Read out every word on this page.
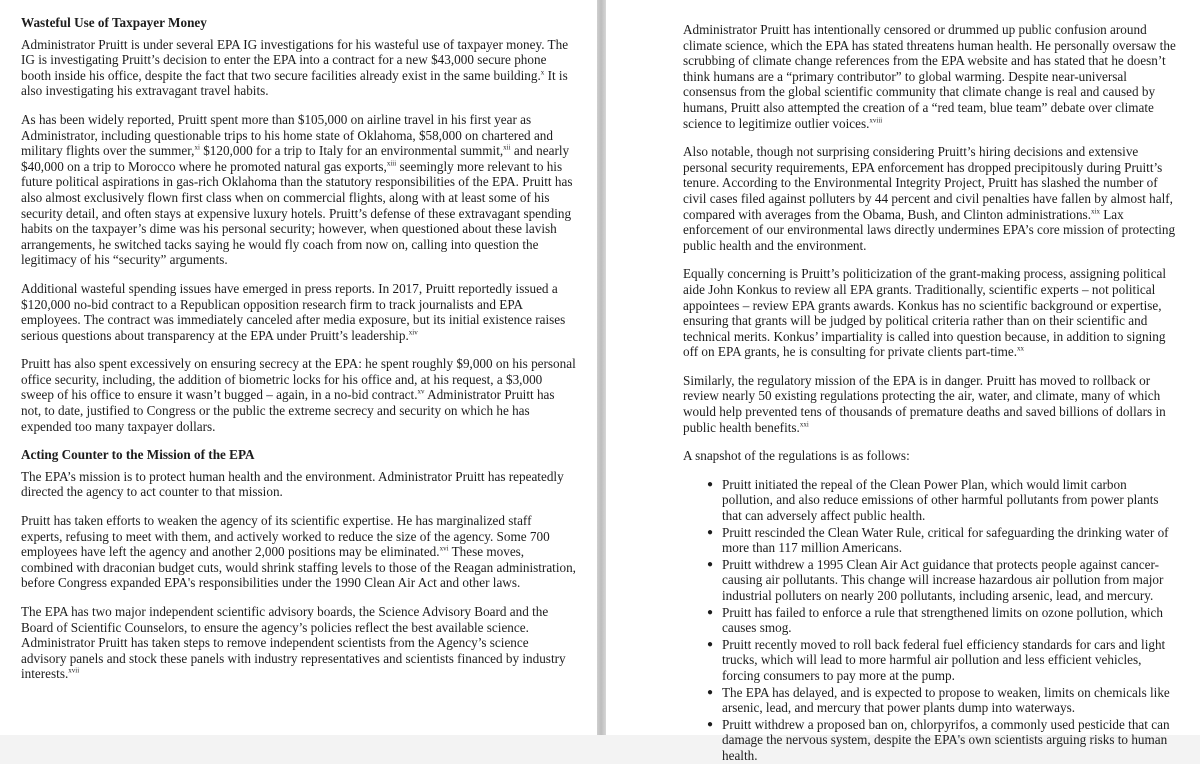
Wasteful Use of Taxpayer Money

Administrator Pruitt is under several EPA IG investigations for his wasteful use of taxpayer money. The IG is investigating Pruitt’s decision to enter the EPA into a contract for a new $43,000 secure phone booth inside his office, despite the fact that two secure facilities already exist in the same building.$^x$ It is also investigating his extravagant travel habits.

As has been widely reported, Pruitt spent more than $105,000 on airline travel in his first year as Administrator, including questionable trips to his home state of Oklahoma, $58,000 on chartered and military flights over the summer,$^{xi}$ $120,000 for a trip to Italy for an environmental summit,$^{xii}$ and nearly $40,000 on a trip to Morocco where he promoted natural gas exports,$^{xiii}$ seemingly more relevant to his future political aspirations in gas-rich Oklahoma than the statutory responsibilities of the EPA. Pruitt has also almost exclusively flown first class when on commercial flights, along with at least some of his security detail, and often stays at expensive luxury hotels. Pruitt’s defense of these extravagant spending habits on the taxpayer’s dime was his personal security; however, when questioned about these lavish arrangements, he switched tacks saying he would fly coach from now on, calling into question the legitimacy of his “security” arguments.

Additional wasteful spending issues have emerged in press reports. In 2017, Pruitt reportedly issued a $120,000 no-bid contract to a Republican opposition research firm to track journalists and EPA employees. The contract was immediately canceled after media exposure, but its initial existence raises serious questions about transparency at the EPA under Pruitt’s leadership.$^{xiv}$

Pruitt has also spent excessively on ensuring secrecy at the EPA: he spent roughly $9,000 on his personal office security, including, the addition of biometric locks for his office and, at his request, a $3,000 sweep of his office to ensure it wasn’t bugged – again, in a no-bid contract.$^{xv}$ Administrator Pruitt has not, to date, justified to Congress or the public the extreme secrecy and security on which he has expended too many taxpayer dollars.

Acting Counter to the Mission of the EPA

The EPA’s mission is to protect human health and the environment. Administrator Pruitt has repeatedly directed the agency to act counter to that mission.

Pruitt has taken efforts to weaken the agency of its scientific expertise. He has marginalized staff experts, refusing to meet with them, and actively worked to reduce the size of the agency. Some 700 employees have left the agency and another 2,000 positions may be eliminated.$^{xvi}$ These moves, combined with draconian budget cuts, would shrink staffing levels to those of the Reagan administration, before Congress expanded EPA's responsibilities under the 1990 Clean Air Act and other laws.

The EPA has two major independent scientific advisory boards, the Science Advisory Board and the Board of Scientific Counselors, to ensure the agency’s policies reflect the best available science. Administrator Pruitt has taken steps to remove independent scientists from the Agency’s science advisory panels and stock these panels with industry representatives and scientists financed by industry interests.$^{xvii}$

Administrator Pruitt has intentionally censored or drummed up public confusion around climate science, which the EPA has stated threatens human health. He personally oversaw the scrubbing of climate change references from the EPA website and has stated that he doesn’t think humans are a “primary contributor” to global warming. Despite near-universal consensus from the global scientific community that climate change is real and caused by humans, Pruitt also attempted the creation of a “red team, blue team” debate over climate science to legitimize outlier voices.$^{xviii}$

Also notable, though not surprising considering Pruitt’s hiring decisions and extensive personal security requirements, EPA enforcement has dropped precipitously during Pruitt’s tenure. According to the Environmental Integrity Project, Pruitt has slashed the number of civil cases filed against polluters by 44 percent and civil penalties have fallen by almost half, compared with averages from the Obama, Bush, and Clinton administrations.$^{xix}$ Lax enforcement of our environmental laws directly undermines EPA’s core mission of protecting public health and the environment.

Equally concerning is Pruitt’s politicization of the grant-making process, assigning political aide John Konkus to review all EPA grants. Traditionally, scientific experts – not political appointees – review EPA grants awards. Konkus has no scientific background or expertise, ensuring that grants will be judged by political criteria rather than on their scientific and technical merits. Konkus’ impartiality is called into question because, in addition to signing off on EPA grants, he is consulting for private clients part-time.$^{xx}$

Similarly, the regulatory mission of the EPA is in danger. Pruitt has moved to rollback or review nearly 50 existing regulations protecting the air, water, and climate, many of which would help prevented tens of thousands of premature deaths and saved billions of dollars in public health benefits.$^{xxi}$

A snapshot of the regulations is as follows:

● Pruitt initiated the repeal of the Clean Power Plan, which would limit carbon pollution, and also reduce emissions of other harmful pollutants from power plants that can adversely affect public health.
● Pruitt rescinded the Clean Water Rule, critical for safeguarding the drinking water of more than 117 million Americans.
● Pruitt withdrew a 1995 Clean Air Act guidance that protects people against cancer-causing air pollutants. This change will increase hazardous air pollution from major industrial polluters on nearly 200 pollutants, including arsenic, lead, and mercury.
● Pruitt has failed to enforce a rule that strengthened limits on ozone pollution, which causes smog.
● Pruitt recently moved to roll back federal fuel efficiency standards for cars and light trucks, which will lead to more harmful air pollution and less efficient vehicles, forcing consumers to pay more at the pump.
● The EPA has delayed, and is expected to propose to weaken, limits on chemicals like arsenic, lead, and mercury that power plants dump into waterways.
● Pruitt withdrew a proposed ban on, chlorpyrifos, a commonly used pesticide that can damage the nervous system, despite the EPA's own scientists arguing risks to human health.
